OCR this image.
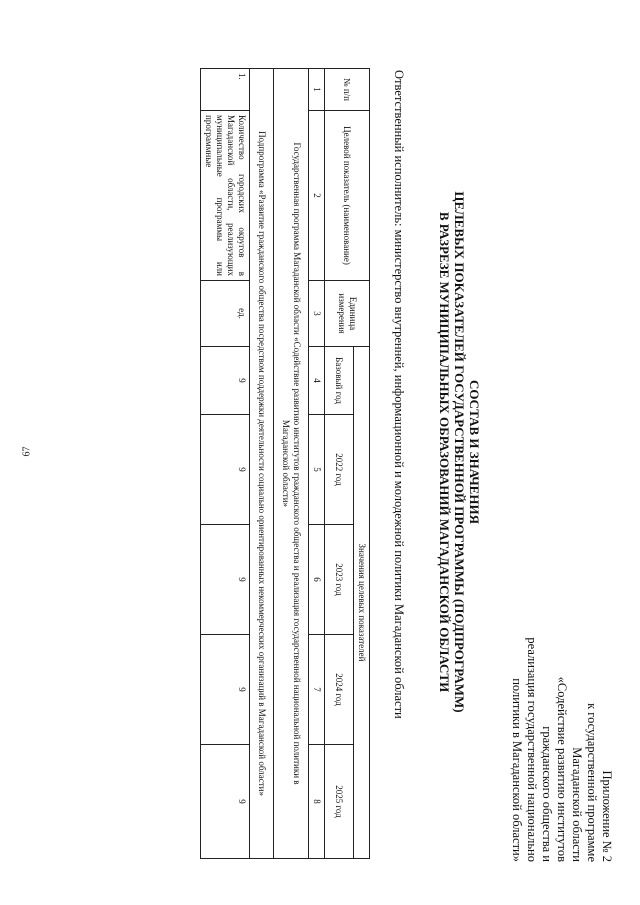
67
Приложение № 2
к государственной программе
Магаданской области
«Содействие развитию институтов
гражданского общества и
реализация государственной национально
политики в Магаданской области»
СОСТАВ И ЗНАЧЕНИЯ
ЦЕЛЕВЫХ ПОКАЗАТЕЛЕЙ ГОСУДАРСТВЕННОЙ ПРОГРАММЫ (ПОДПРОГРАММ)
В РАЗРЕЗЕ МУНИЦИПАЛЬНЫХ ОБРАЗОВАНИЙ МАГАДАНСКОЙ ОБЛАСТИ
Ответственный исполнитель: министерство внутренней, информационной и молодежной политики Магаданской области
№ п/п	Целевой показатель (наименование)	Единица измерения	Значения целевых показателей				
			Базовый год	2022 год	2023 год	2024 год	2025 год
1	2	3	4	5	6	7	8
Государственная программа Магаданской области «Содействие развитию институтов гражданского общества и реализация государственной национальной политики в Магаданской области»							
Подпрограмма «Развитие гражданского общества посредством поддержки деятельности социально ориентированных некоммерческих организаций в Магаданской области»							
1.	Количество городских округов в Магаданской области, реализующих муниципальные программы или программные	ед.	9	9	9	9	9
